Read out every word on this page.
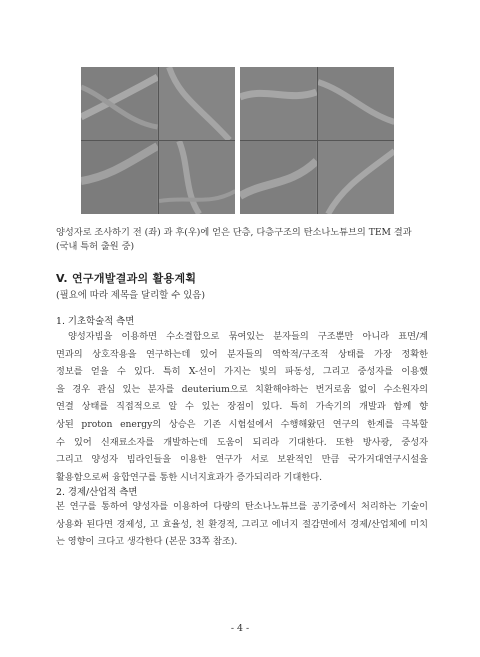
양성자로 조사하기 전 (좌) 과 후(우)에 얻은 단층, 다층구조의 탄소나노튜브의 TEM 결과
(국내 특허 출원 중)
V. 연구개발결과의 활용계획
(필요에 따라 제목을 달리할 수 있음)
1. 기초학술적 측면

양성자빔을 이용하면 수소결합으로 묶여있는 분자들의 구조뿐만 아니라 표면/계
면과의 상호작용을 연구하는데 있어 분자들의 역학적/구조적 상태를 가장 정확한
정보를 얻을 수 있다. 특히 X-선이 가지는 빛의 파동성, 그리고 중성자를 이용했
을 경우 관심 있는 분자를 deuterium으로 치환해야하는 번거로움 없이 수소원자의
연결 상태를 직접적으로 알 수 있는 장점이 있다. 특히 가속기의 개발과 함께 향
상된 proton energy의 상승은 기존 시험설에서 수행해왔던 연구의 한계를 극복할
수 있어 신재료소자를 개발하는데 도움이 되리라 기대한다. 또한 방사광, 중성자
그리고 양성자 빔라인들을 이용한 연구가 서로 보완적인 만큼 국가거대연구시설을
활용함으로써 융합연구를 통한 시너지효과가 증가되리라 기대한다.

2. 경제/산업적 측면

본 연구를 통하여 양성자를 이용하여 다량의 탄소나노튜브를 공기중에서 처리하는 기술이
상용화 된다면 경제성, 고 효율성, 친 환경적, 그리고 에너지 절감면에서 경제/산업체에 미치
는 영향이 크다고 생각한다 (본문 33쪽 참조).

- 4 -
